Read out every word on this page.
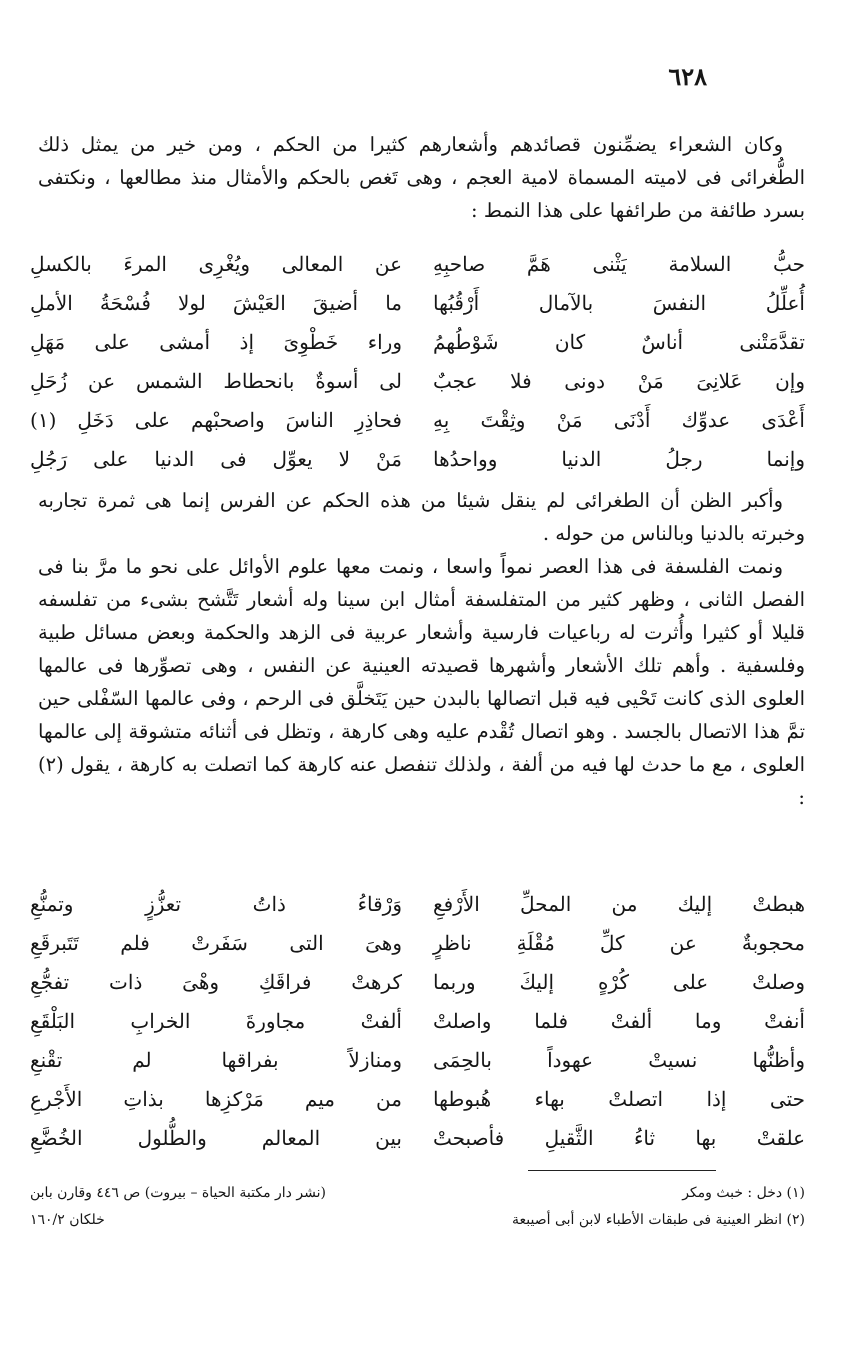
٦٢٨

وكان الشعراء يضمِّنون قصائدهم وأشعارهم كثيرا من الحكم ، ومن خير من يمثل ذلك الطُّغرائى فى لاميته المسماة لامية العجم ، وهى تَغص بالحكم والأمثال منذ مطالعها ، ونكتفى بسرد طائفة من طرائفها على هذا النمط :

حبُّ السلامة يَثْنى هَمَّ صاحبِهِ
عن المعالى ويُغْرِى المرءَ بالكسلِ
أُعلِّلُ النفسَ بالآمال أَرْقُبُها
ما أضيقَ العَيْشَ لولا فُسْحَةُ الأملِ
تقدَّمَتْنى أناسٌ كان شَوْطُهمُ
وراء خَطْوِىَ إذ أمشى على مَهَلِ
وإن عَلانِىَ مَنْ دونى فلا عجبٌ
لى أسوةٌ بانحطاط الشمس عن زُحَلِ
أَعْدَى عدوِّك أَدْنَى مَنْ وثِقْتَ بِهِ
فحاذِرِ الناسَ واصحبْهم على دَخَلِ (١)
وإنما رجلُ الدنيا وواحدُها
مَنْ لا يعوِّل فى الدنيا على رَجُلِ

وأكبر الظن أن الطغرائى لم ينقل شيئا من هذه الحكم عن الفرس إنما هى ثمرة تجاربه وخبرته بالدنيا وبالناس من حوله .

ونمت الفلسفة فى هذا العصر نمواً واسعا ، ونمت معها علوم الأوائل على نحو ما مرَّ بنا فى الفصل الثانى ، وظهر كثير من المتفلسفة أمثال ابن سينا وله أشعار تَتَّشح بشىء من تفلسفه قليلا أو كثيرا وأُثرت له رباعيات فارسية وأشعار عربية فى الزهد والحكمة وبعض مسائل طبية وفلسفية . وأهم تلك الأشعار وأشهرها قصيدته العينية عن النفس ، وهى تصوِّرها فى عالمها العلوى الذى كانت تَحْيى فيه قبل اتصالها بالبدن حين يَتَخلَّق فى الرحم ، وفى عالمها السّفْلى حين تمَّ هذا الاتصال بالجسد . وهو اتصال تُقْدم عليه وهى كارهة ، وتظل فى أثنائه متشوقة إلى عالمها العلوى ، مع ما حدث لها فيه من ألفة ، ولذلك تنفصل عنه كارهة كما اتصلت به كارهة ، يقول (٢) :

هبطتْ إليك من المحلِّ الأَرْفعِ
وَرْقاءُ ذاتُ تعزُّزٍ وتمنُّعِ
محجوبةٌ عن كلِّ مُقْلَةِ ناظرٍ
وهىَ التى سَفَرتْ فلم تَتَبرقَعِ
وصلتْ على كُرْهٍ إليكَ وربما
كرهتْ فراقَكِ وهْىَ ذات تفجُّعِ
أنفتْ وما ألفتْ فلما واصلتْ
ألفتْ مجاورةَ الخرابِ البَلْقَعِ
وأظنُّها نسيتْ عهوداً بالحِمَى
ومنازلاً بفراقها لم تقْنعِ
حتى إذا اتصلتْ بهاء هُبوطها
من ميم مَرْكزِها بذاتِ الأَجْرعِ
علقتْ بها ثاءُ الثَّقيلِ فأصبحتْ
بين المعالم والطُّلول الخُضَّعِ
(١) دخل : خبث ومكر
(نشر دار مكتبة الحياة – بيروت) ص ٤٤٦ وقارن بابن
(٢) انظر العينية فى طبقات الأطباء لابن أبى أصيبعة
خلكان ١٦٠/٢
